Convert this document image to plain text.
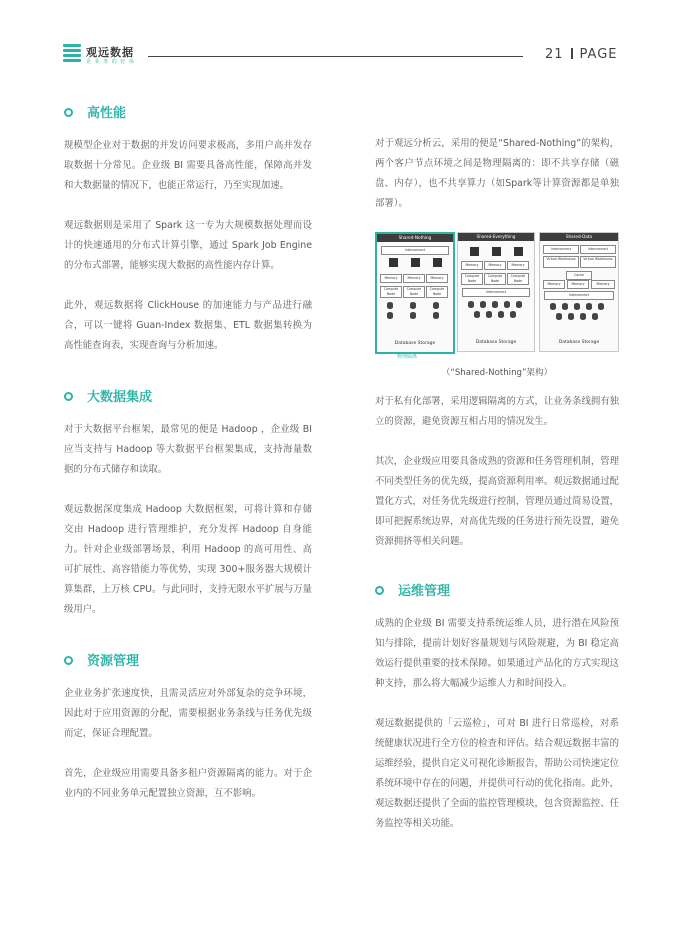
观远数据
企 业 务 的 轻 体	21 PAGE
高性能

规模型企业对于数据的并发访问要求极高，多用户高并发存取数据十分常见。企业级 BI 需要具备高性能，保障高并发和大数据量的情况下，也能正常运行，乃至实现加速。

观远数据则是采用了 Spark 这一专为大规模数据处理而设计的快速通用的分布式计算引擎，通过 Spark Job Engine 的分布式部署，能够实现大数据的高性能内存计算。

此外，观远数据将 ClickHouse 的加速能力与产品进行融合，可以一键将 Guan-Index 数据集、ETL 数据集转换为高性能查询表，实现查询与分析加速。

大数据集成

对于大数据平台框架，最常见的便是 Hadoop ，企业级 BI 应当支持与 Hadoop 等大数据平台框架集成，支持海量数据的分布式储存和读取。

观远数据深度集成 Hadoop 大数据框架，可将计算和存储交由 Hadoop 进行管理维护，充分发挥 Hadoop 自身能力。针对企业级部署场景，利用 Hadoop 的高可用性、高可扩展性、高容错能力等优势，实现 300+服务器大规模计算集群，上万核 CPU。与此同时，支持无限水平扩展与万量级用户。

资源管理

企业业务扩张速度快，且需灵活应对外部复杂的竞争环境，因此对于应用资源的分配，需要根据业务条线与任务优先级而定，保证合理配置。

首先，企业级应用需要具备多租户资源隔离的能力。对于企业内的不同业务单元配置独立资源，互不影响。

对于观远分析云，采用的便是“Shared-Nothing”的架构，两个客户节点环境之间是物理隔离的：即不共享存储（磁盘、内存），也不共享算力（如Spark等计算资源都是单独部署）。

Shared-Nothing
Interconnect
Memory	Memory	Memory
Compute Node
Compute Node
Compute Node
Database Storage
物理隔离
Shared-Everything
Memory	Memory	Memory
Compute Node
Compute Node
Compute Node
Interconnect
Database Storage
Shared-Data
Interconnect	Interconnect
Virtual Warehouse	Virtual Warehouse
Cache
Memory	Memory	Memory
Interconnect
Database Storage
（“Shared-Nothing”架构）

对于私有化部署，采用逻辑隔离的方式，让业务条线拥有独立的资源，避免资源互相占用的情况发生。

其次，企业级应用要具备成熟的资源和任务管理机制，管理不同类型任务的优先级，提高资源利用率。观远数据通过配置化方式，对任务优先级进行控制，管理员通过简易设置，即可把握系统边界，对高优先级的任务进行预先设置，避免资源拥挤等相关问题。

运维管理

成熟的企业级 BI 需要支持系统运维人员，进行潜在风险预知与排除，提前计划好容量规划与风险规避，为 BI 稳定高效运行提供重要的技术保障。如果通过产品化的方式实现这种支持，那么将大幅减少运维人力和时间投入。

观远数据提供的「云巡检」，可对 BI 进行日常巡检，对系统健康状况进行全方位的检查和评估。结合观远数据丰富的运维经验，提供自定义可视化诊断报告，帮助公司快速定位系统环境中存在的问题，并提供可行动的优化指南。此外，观远数据还提供了全面的监控管理模块，包含资源监控、任务监控等相关功能。
